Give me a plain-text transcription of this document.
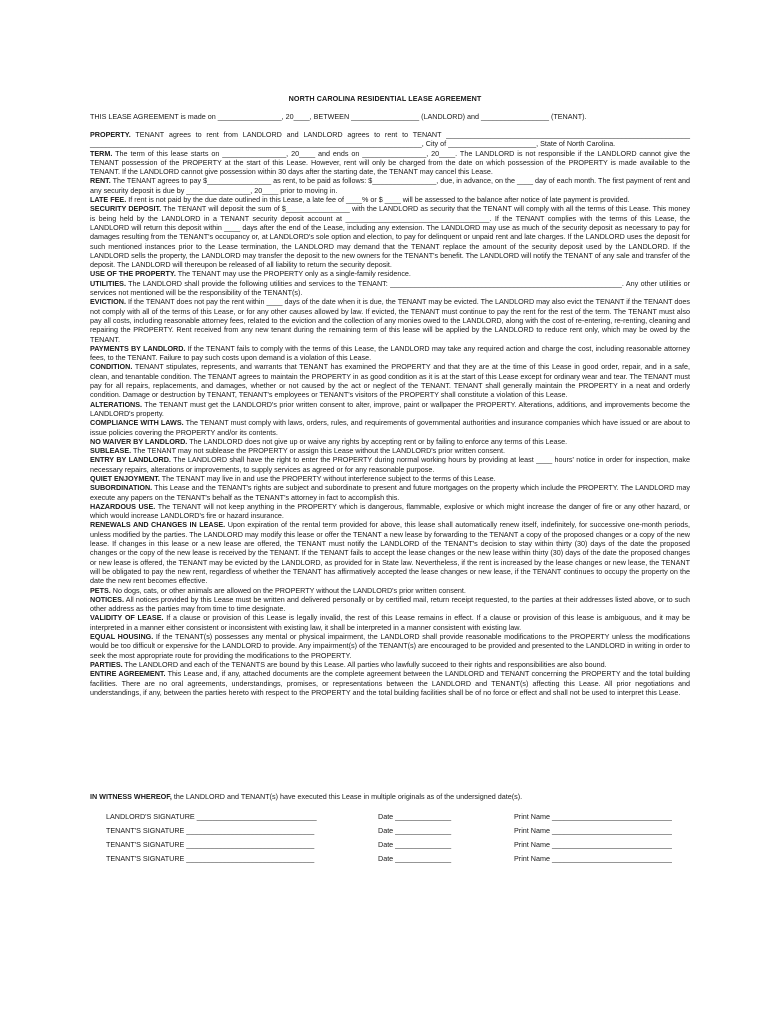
NORTH CAROLINA RESIDENTIAL LEASE AGREEMENT
THIS LEASE AGREEMENT is made on ________________, 20____, BETWEEN _________________ (LANDLORD) and _________________ (TENANT).

PROPERTY. TENANT agrees to rent from LANDLORD and LANDLORD agrees to rent to TENANT _____________________________________________________________ ___________________________________________________________________________________, City of ______________________, State of North Carolina.

TERM. The term of this lease starts on ________________, 20____ and ends on ________________, 20____. The LANDLORD is not responsible if the LANDLORD cannot give the TENANT possession of the PROPERTY at the start of this Lease. However, rent will only be charged from the date on which possession of the PROPERTY is made available to the TENANT. If the LANDLORD cannot give possession within 30 days after the starting date, the TENANT may cancel this Lease.

RENT. The TENANT agrees to pay $________________ as rent, to be paid as follows: $________________, due, in advance, on the ____ day of each month. The first payment of rent and any security deposit is due by ________________, 20____ prior to moving in.

LATE FEE. If rent is not paid by the due date outlined in this Lease, a late fee of ____% or $ ____ will be assessed to the balance after notice of late payment is provided.

SECURITY DEPOSIT. The TENANT will deposit the sum of $________________ with the LANDLORD as security that the TENANT will comply with all the terms of this Lease. This money is being held by the LANDLORD in a TENANT security deposit account at ____________________________________. If the TENANT complies with the terms of this Lease, the LANDLORD will return this deposit within ____ days after the end of the Lease, including any extension. The LANDLORD may use as much of the security deposit as necessary to pay for damages resulting from the TENANT's occupancy or, at LANDLORD's sole option and election, to pay for delinquent or unpaid rent and late charges. If the LANDLORD uses the deposit for such mentioned instances prior to the Lease termination, the LANDLORD may demand that the TENANT replace the amount of the security deposit used by the LANDLORD. If the LANDLORD sells the property, the LANDLORD may transfer the deposit to the new owners for the TENANT's benefit. The LANDLORD will notify the TENANT of any sale and transfer of the deposit. The LANDLORD will thereupon be released of all liability to return the security deposit.

USE OF THE PROPERTY. The TENANT may use the PROPERTY only as a single-family residence.

UTILITIES. The LANDLORD shall provide the following utilities and services to the TENANT: __________________________________________________________. Any other utilities or services not mentioned will be the responsibility of the TENANT(s).

EVICTION. If the TENANT does not pay the rent within ____ days of the date when it is due, the TENANT may be evicted. The LANDLORD may also evict the TENANT if the TENANT does not comply with all of the terms of this Lease, or for any other causes allowed by law. If evicted, the TENANT must continue to pay the rent for the rest of the term. The TENANT must also pay all costs, including reasonable attorney fees, related to the eviction and the collection of any monies owed to the LANDLORD, along with the cost of re-entering, re-renting, cleaning and repairing the PROPERTY. Rent received from any new tenant during the remaining term of this lease will be applied by the LANDLORD to reduce rent only, which may be owed by the TENANT.

PAYMENTS BY LANDLORD. If the TENANT fails to comply with the terms of this Lease, the LANDLORD may take any required action and charge the cost, including reasonable attorney fees, to the TENANT. Failure to pay such costs upon demand is a violation of this Lease.

CONDITION. TENANT stipulates, represents, and warrants that TENANT has examined the PROPERTY and that they are at the time of this Lease in good order, repair, and in a safe, clean, and tenantable condition. The TENANT agrees to maintain the PROPERTY in as good condition as it is at the start of this Lease except for ordinary wear and tear. The TENANT must pay for all repairs, replacements, and damages, whether or not caused by the act or neglect of the TENANT. TENANT shall generally maintain the PROPERTY in a neat and orderly condition. Damage or destruction by TENANT, TENANT's employees or TENANT's visitors of the PROPERTY shall constitute a violation of this Lease.

ALTERATIONS. The TENANT must get the LANDLORD's prior written consent to alter, improve, paint or wallpaper the PROPERTY. Alterations, additions, and improvements become the LANDLORD's property.

COMPLIANCE WITH LAWS. The TENANT must comply with laws, orders, rules, and requirements of governmental authorities and insurance companies which have issued or are about to issue policies covering the PROPERTY and/or its contents.

NO WAIVER BY LANDLORD. The LANDLORD does not give up or waive any rights by accepting rent or by failing to enforce any terms of this Lease.

SUBLEASE. The TENANT may not sublease the PROPERTY or assign this Lease without the LANDLORD's prior written consent.

ENTRY BY LANDLORD. The LANDLORD shall have the right to enter the PROPERTY during normal working hours by providing at least ____ hours' notice in order for inspection, make necessary repairs, alterations or improvements, to supply services as agreed or for any reasonable purpose.

QUIET ENJOYMENT. The TENANT may live in and use the PROPERTY without interference subject to the terms of this Lease.

SUBORDINATION. This Lease and the TENANT's rights are subject and subordinate to present and future mortgages on the property which include the PROPERTY. The LANDLORD may execute any papers on the TENANT's behalf as the TENANT's attorney in fact to accomplish this.

HAZARDOUS USE. The TENANT will not keep anything in the PROPERTY which is dangerous, flammable, explosive or which might increase the danger of fire or any other hazard, or which would increase LANDLORD's fire or hazard insurance.

RENEWALS AND CHANGES IN LEASE. Upon expiration of the rental term provided for above, this lease shall automatically renew itself, indefinitely, for successive one-month periods, unless modified by the parties. The LANDLORD may modify this lease or offer the TENANT a new lease by forwarding to the TENANT a copy of the proposed changes or a copy of the new lease. If changes in this lease or a new lease are offered, the TENANT must notify the LANDLORD of the TENANT's decision to stay within thirty (30) days of the date the proposed changes or the copy of the new lease is received by the TENANT. If the TENANT fails to accept the lease changes or the new lease within thirty (30) days of the date the proposed changes or new lease is offered, the TENANT may be evicted by the LANDLORD, as provided for in State law. Nevertheless, if the rent is increased by the lease changes or new lease, the TENANT will be obligated to pay the new rent, regardless of whether the TENANT has affirmatively accepted the lease changes or new lease, if the TENANT continues to occupy the property on the date the new rent becomes effective.

PETS. No dogs, cats, or other animals are allowed on the PROPERTY without the LANDLORD's prior written consent.

NOTICES. All notices provided by this Lease must be written and delivered personally or by certified mail, return receipt requested, to the parties at their addresses listed above, or to such other address as the parties may from time to time designate.

VALIDITY OF LEASE. If a clause or provision of this Lease is legally invalid, the rest of this Lease remains in effect. If a clause or provision of this lease is ambiguous, and it may be interpreted in a manner either consistent or inconsistent with existing law, it shall be interpreted in a manner consistent with existing law.

EQUAL HOUSING. If the TENANT(s) possesses any mental or physical impairment, the LANDLORD shall provide reasonable modifications to the PROPERTY unless the modifications would be too difficult or expensive for the LANDLORD to provide. Any impairment(s) of the TENANT(s) are encouraged to be provided and presented to the LANDLORD in writing in order to seek the most appropriate route for providing the modifications to the PROPERTY.

PARTIES. The LANDLORD and each of the TENANTS are bound by this Lease. All parties who lawfully succeed to their rights and responsibilities are also bound.

ENTIRE AGREEMENT. This Lease and, if any, attached documents are the complete agreement between the LANDLORD and TENANT concerning the PROPERTY and the total building facilities. There are no oral agreements, understandings, promises, or representations between the LANDLORD and TENANT(s) affecting this Lease. All prior negotiations and understandings, if any, between the parties hereto with respect to the PROPERTY and the total building facilities shall be of no force or effect and shall not be used to interpret this Lease.

IN WITNESS WHEREOF, the LANDLORD and TENANT(s) have executed this Lease in multiple originals as of the undersigned date(s).
LANDLORD'S SIGNATURE ______________________________	Date ______________	Print Name ______________________________
TENANT'S SIGNATURE ________________________________	Date ______________	Print Name ______________________________
TENANT'S SIGNATURE ________________________________	Date ______________	Print Name ______________________________
TENANT'S SIGNATURE ________________________________	Date ______________	Print Name ______________________________
